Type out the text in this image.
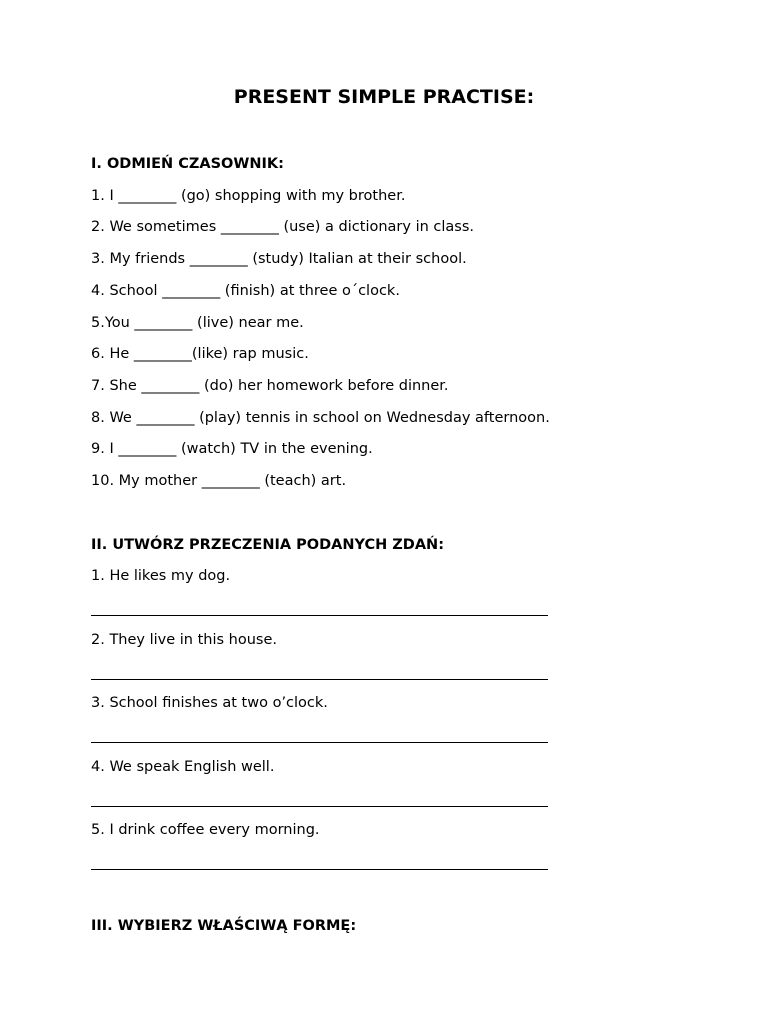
PRESENT SIMPLE PRACTISE:
I. ODMIEŃ CZASOWNIK:
1. I ________ (go) shopping with my brother.
2. We sometimes ________ (use) a dictionary in class.
3. My friends ________ (study) Italian at their school.
4. School ________ (finish) at three o´clock.
5.You ________ (live) near me.
6. He ________(like) rap music.
7. She ________ (do) her homework before dinner.
8. We ________ (play) tennis in school on Wednesday afternoon.
9. I ________ (watch) TV in the evening.
10. My mother ________ (teach) art.
II. UTWÓRZ PRZECZENIA PODANYCH ZDAŃ:
1. He likes my dog.
2. They live in this house.
3. School finishes at two o’clock.
4. We speak English well.
5. I drink coffee every morning.
III. WYBIERZ WŁAŚCIWĄ FORMĘ:
